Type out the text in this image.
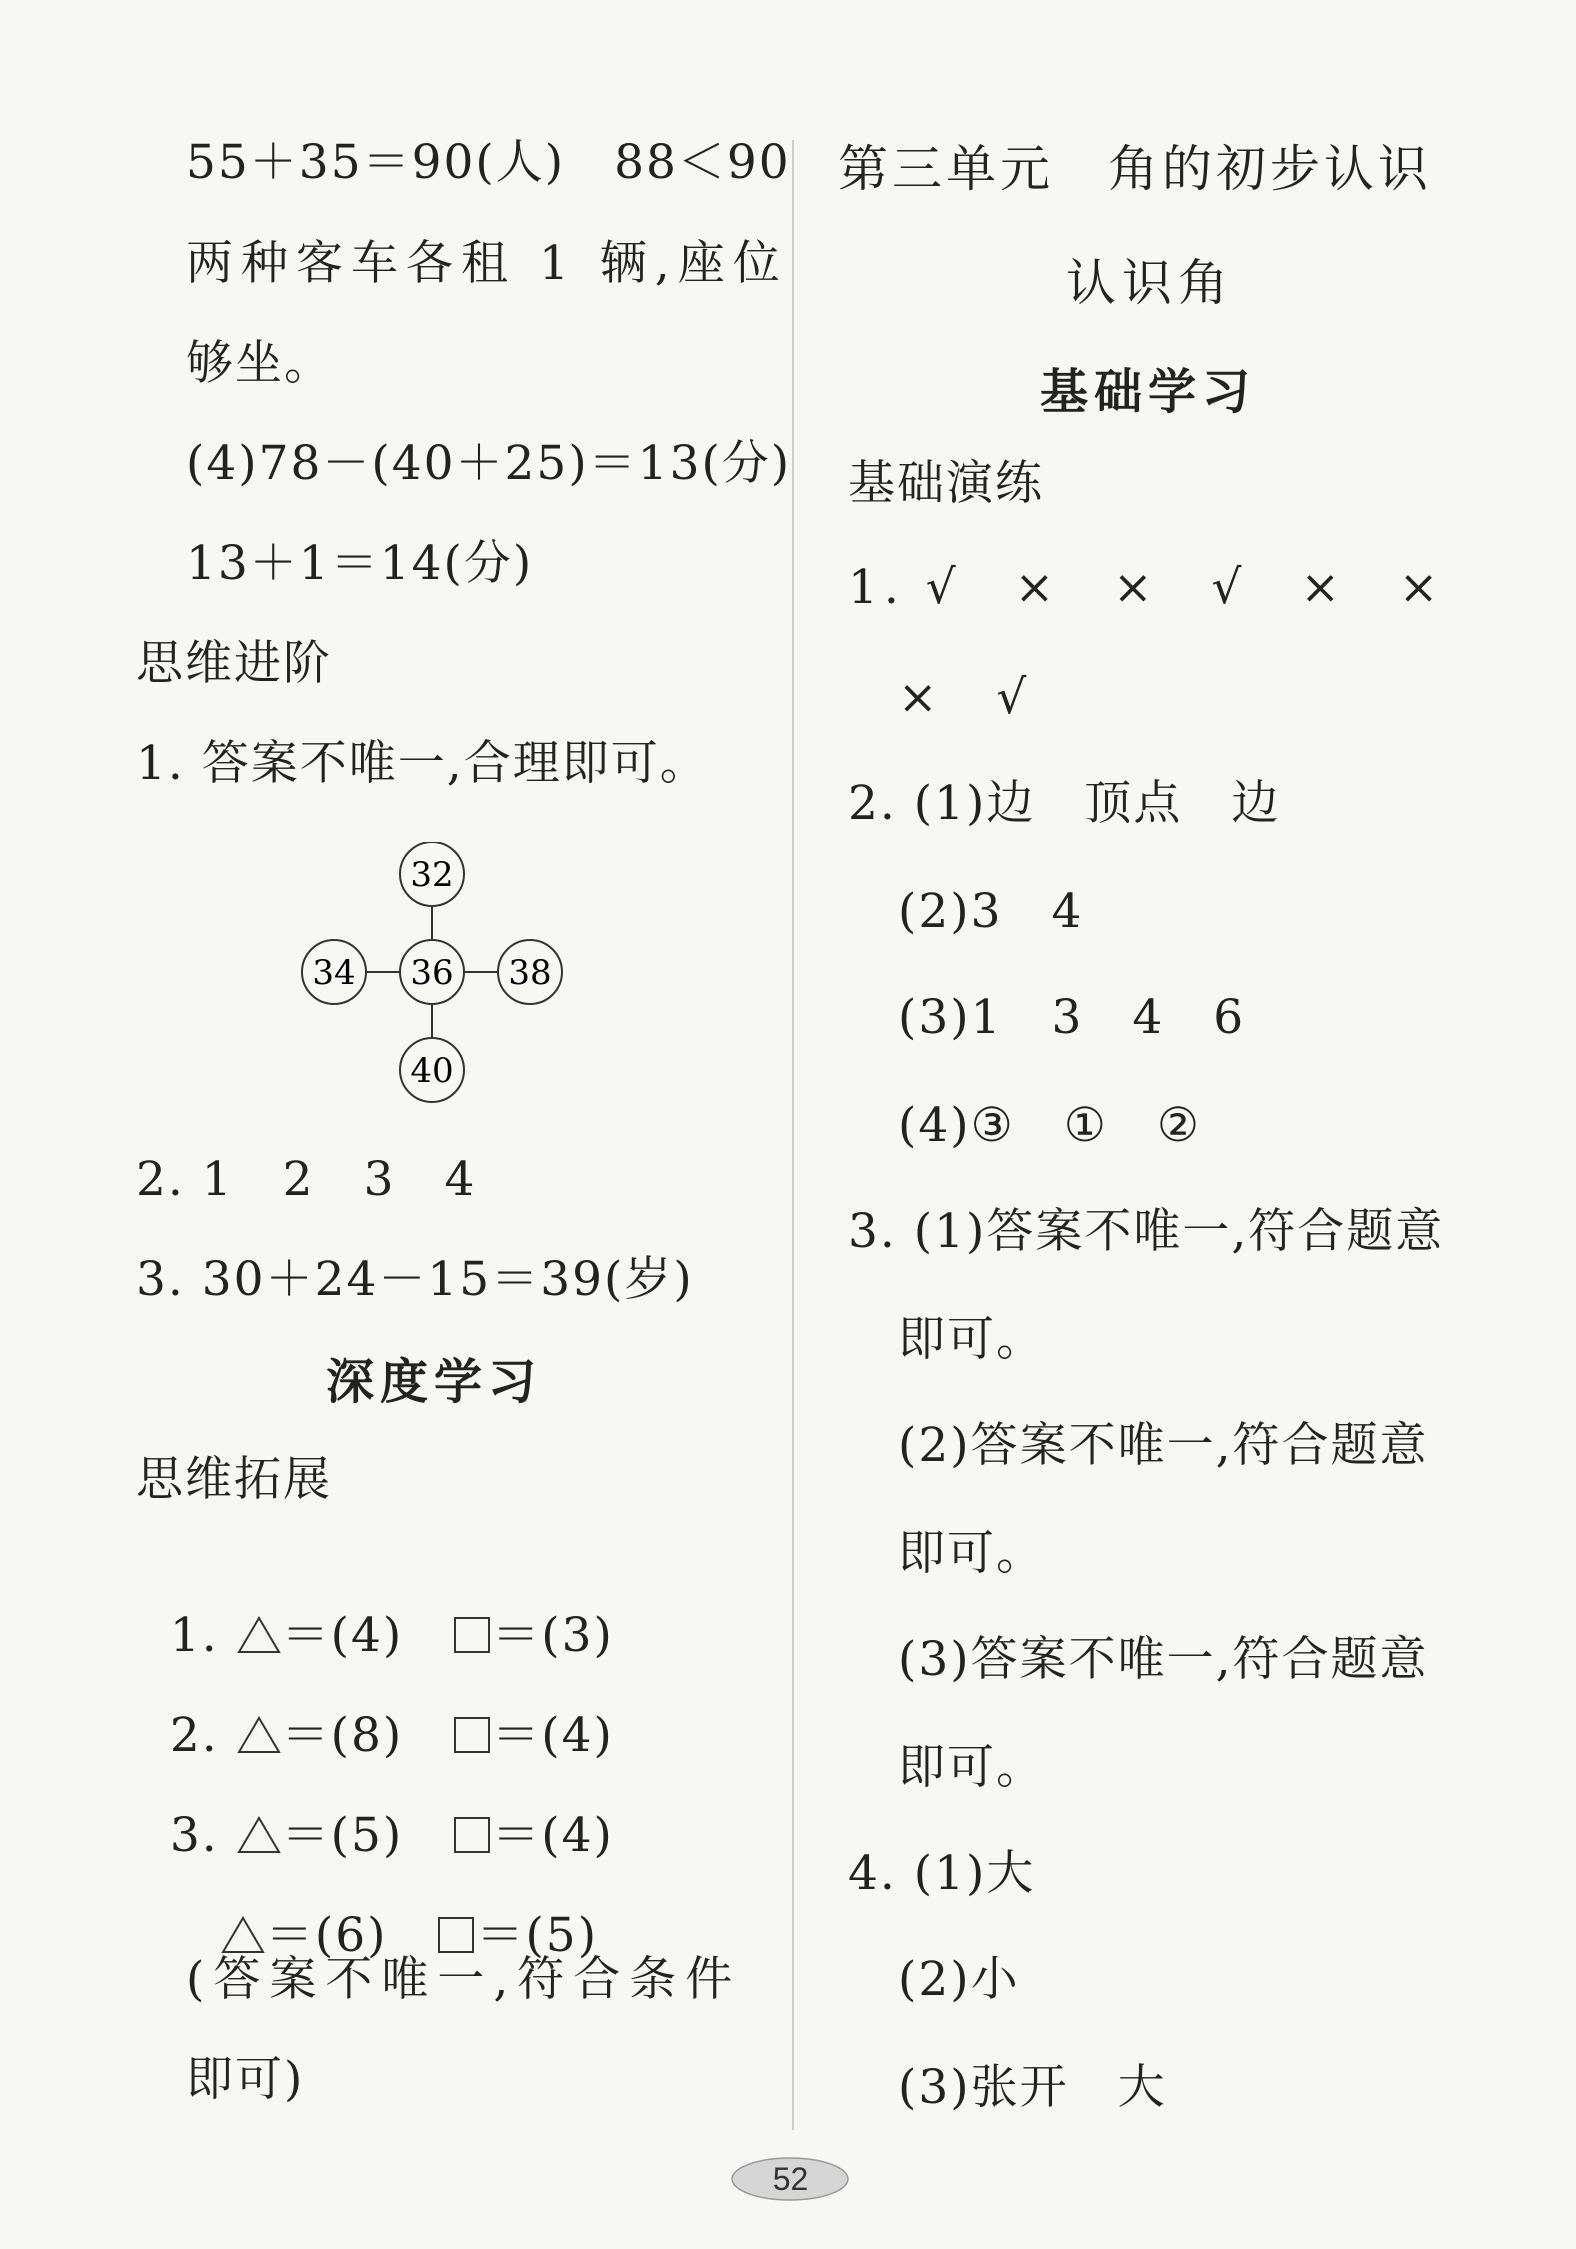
55＋35＝90(人)　88＜90
两种客车各租 1 辆,座位
够坐。
(4)78－(40＋25)＝13(分)
13＋1＝14(分)
思维进阶
1. 答案不唯一,合理即可。
32
34 36 38
40
2. 1　2　3　4
3. 30＋24－15＝39(岁)
深度学习
思维拓展

1. ＝(4)　 ＝(3)

2. ＝(8)　 ＝(4)

3. ＝(5)　 ＝(4)

＝(6)　 ＝(5)

(答案不唯一,符合条件
即可)
第三单元　角的初步认识
认识角
基础学习
基础演练
1. √　×　×　√　×　×
×　√
2. (1)边　顶点　边
(2)3　4
(3)1　3　4　6
(4)③　①　②
3. (1)答案不唯一,符合题意
即可。
(2)答案不唯一,符合题意
即可。
(3)答案不唯一,符合题意
即可。
4. (1)大
(2)小
(3)张开　大
52
